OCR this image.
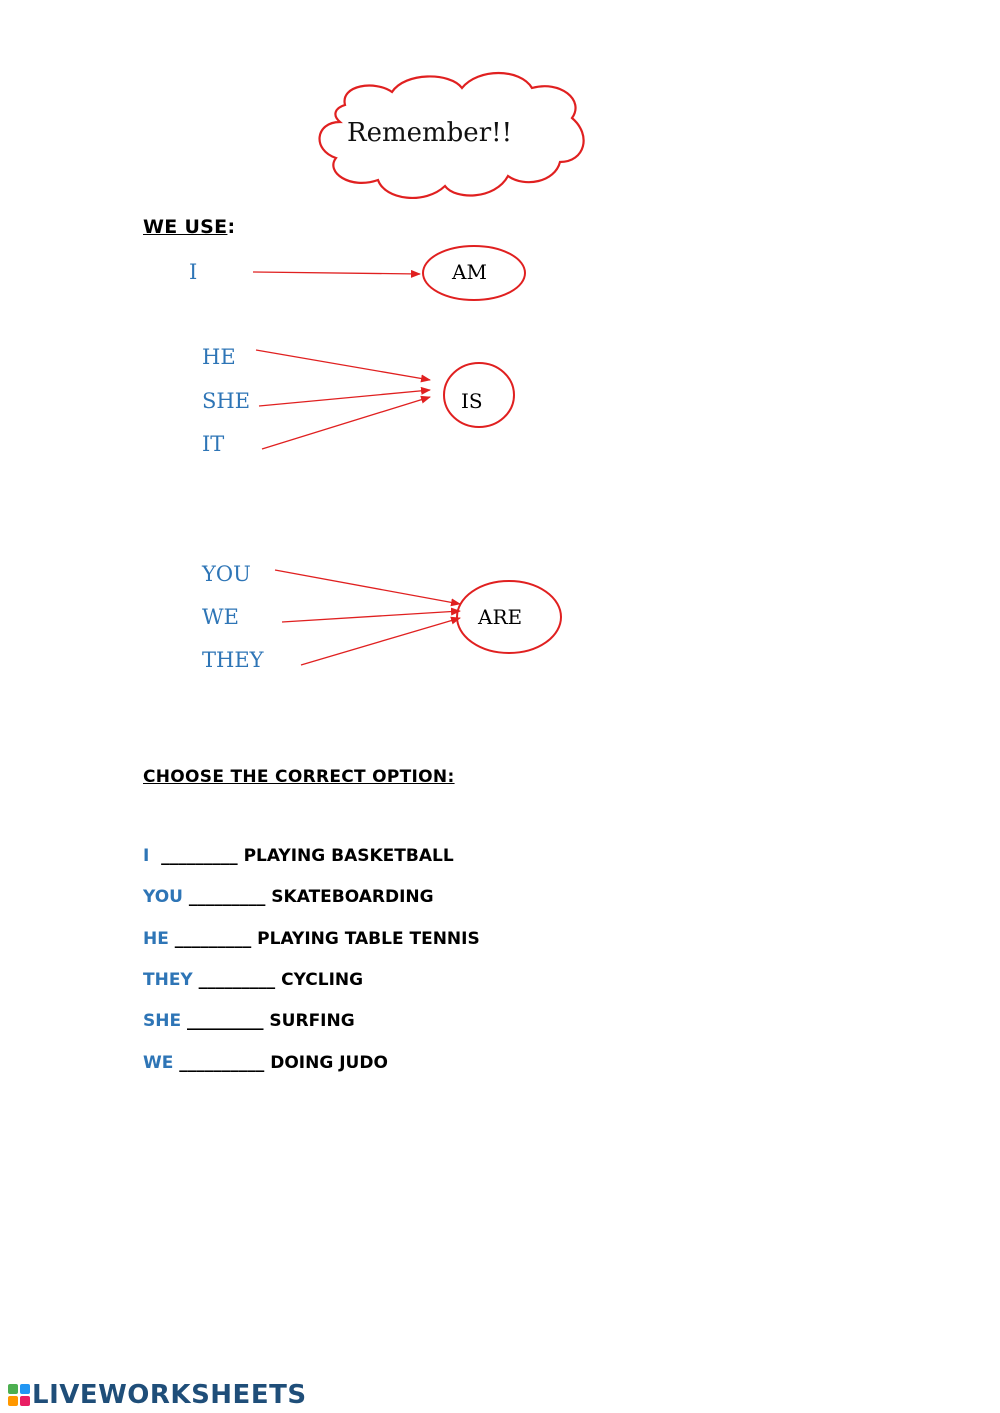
Remember!!
WE USE:
I	AM
HE
SHE
IT
IS
YOU
WE
THEY
ARE
CHOOSE THE CORRECT OPTION:
I  _________ PLAYING BASKETBALL
YOU _________ SKATEBOARDING
HE _________ PLAYING TABLE TENNIS
THEY _________ CYCLING
SHE _________ SURFING
WE __________ DOING JUDO
LIVEWORKSHEETS
